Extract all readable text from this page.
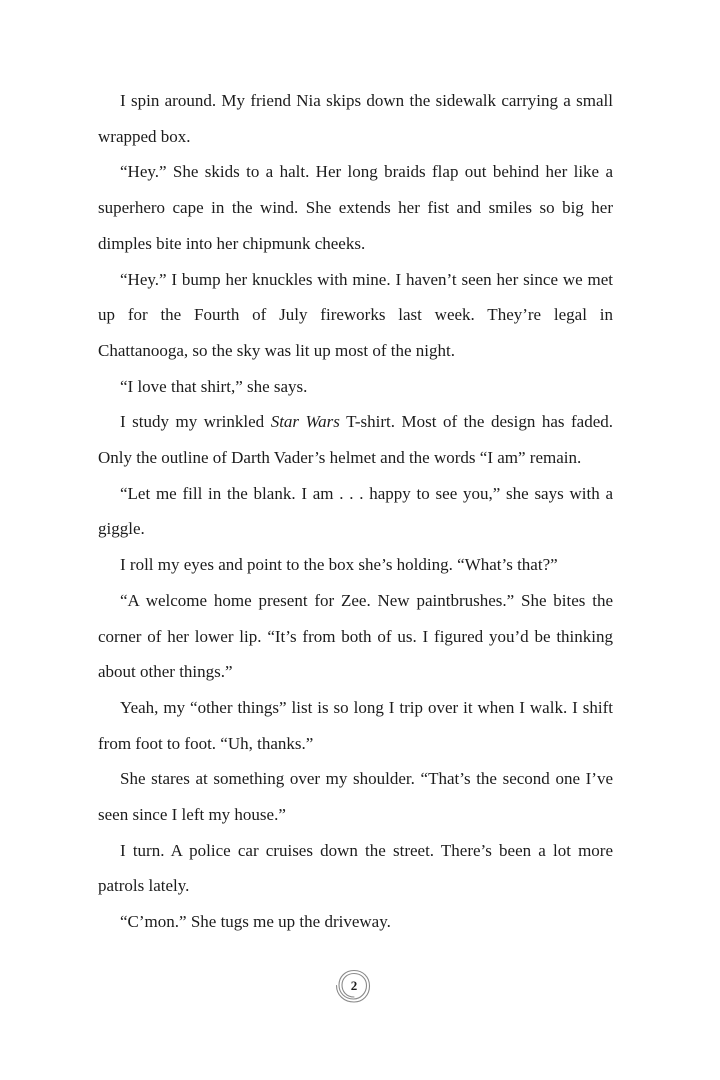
I spin around. My friend Nia skips down the sidewalk carrying a small wrapped box.

“Hey.” She skids to a halt. Her long braids flap out behind her like a superhero cape in the wind. She extends her fist and smiles so big her dimples bite into her chipmunk cheeks.

“Hey.” I bump her knuckles with mine. I haven’t seen her since we met up for the Fourth of July fireworks last week. They’re legal in Chattanooga, so the sky was lit up most of the night.

“I love that shirt,” she says.

I study my wrinkled Star Wars T-shirt. Most of the design has faded. Only the outline of Darth Vader’s helmet and the words “I am” remain.

“Let me fill in the blank. I am . . . happy to see you,” she says with a giggle.

I roll my eyes and point to the box she’s holding. “What’s that?”

“A welcome home present for Zee. New paintbrushes.” She bites the corner of her lower lip. “It’s from both of us. I figured you’d be thinking about other things.”

Yeah, my “other things” list is so long I trip over it when I walk. I shift from foot to foot. “Uh, thanks.”

She stares at something over my shoulder. “That’s the second one I’ve seen since I left my house.”

I turn. A police car cruises down the street. There’s been a lot more patrols lately.

“C’mon.” She tugs me up the driveway.

2
